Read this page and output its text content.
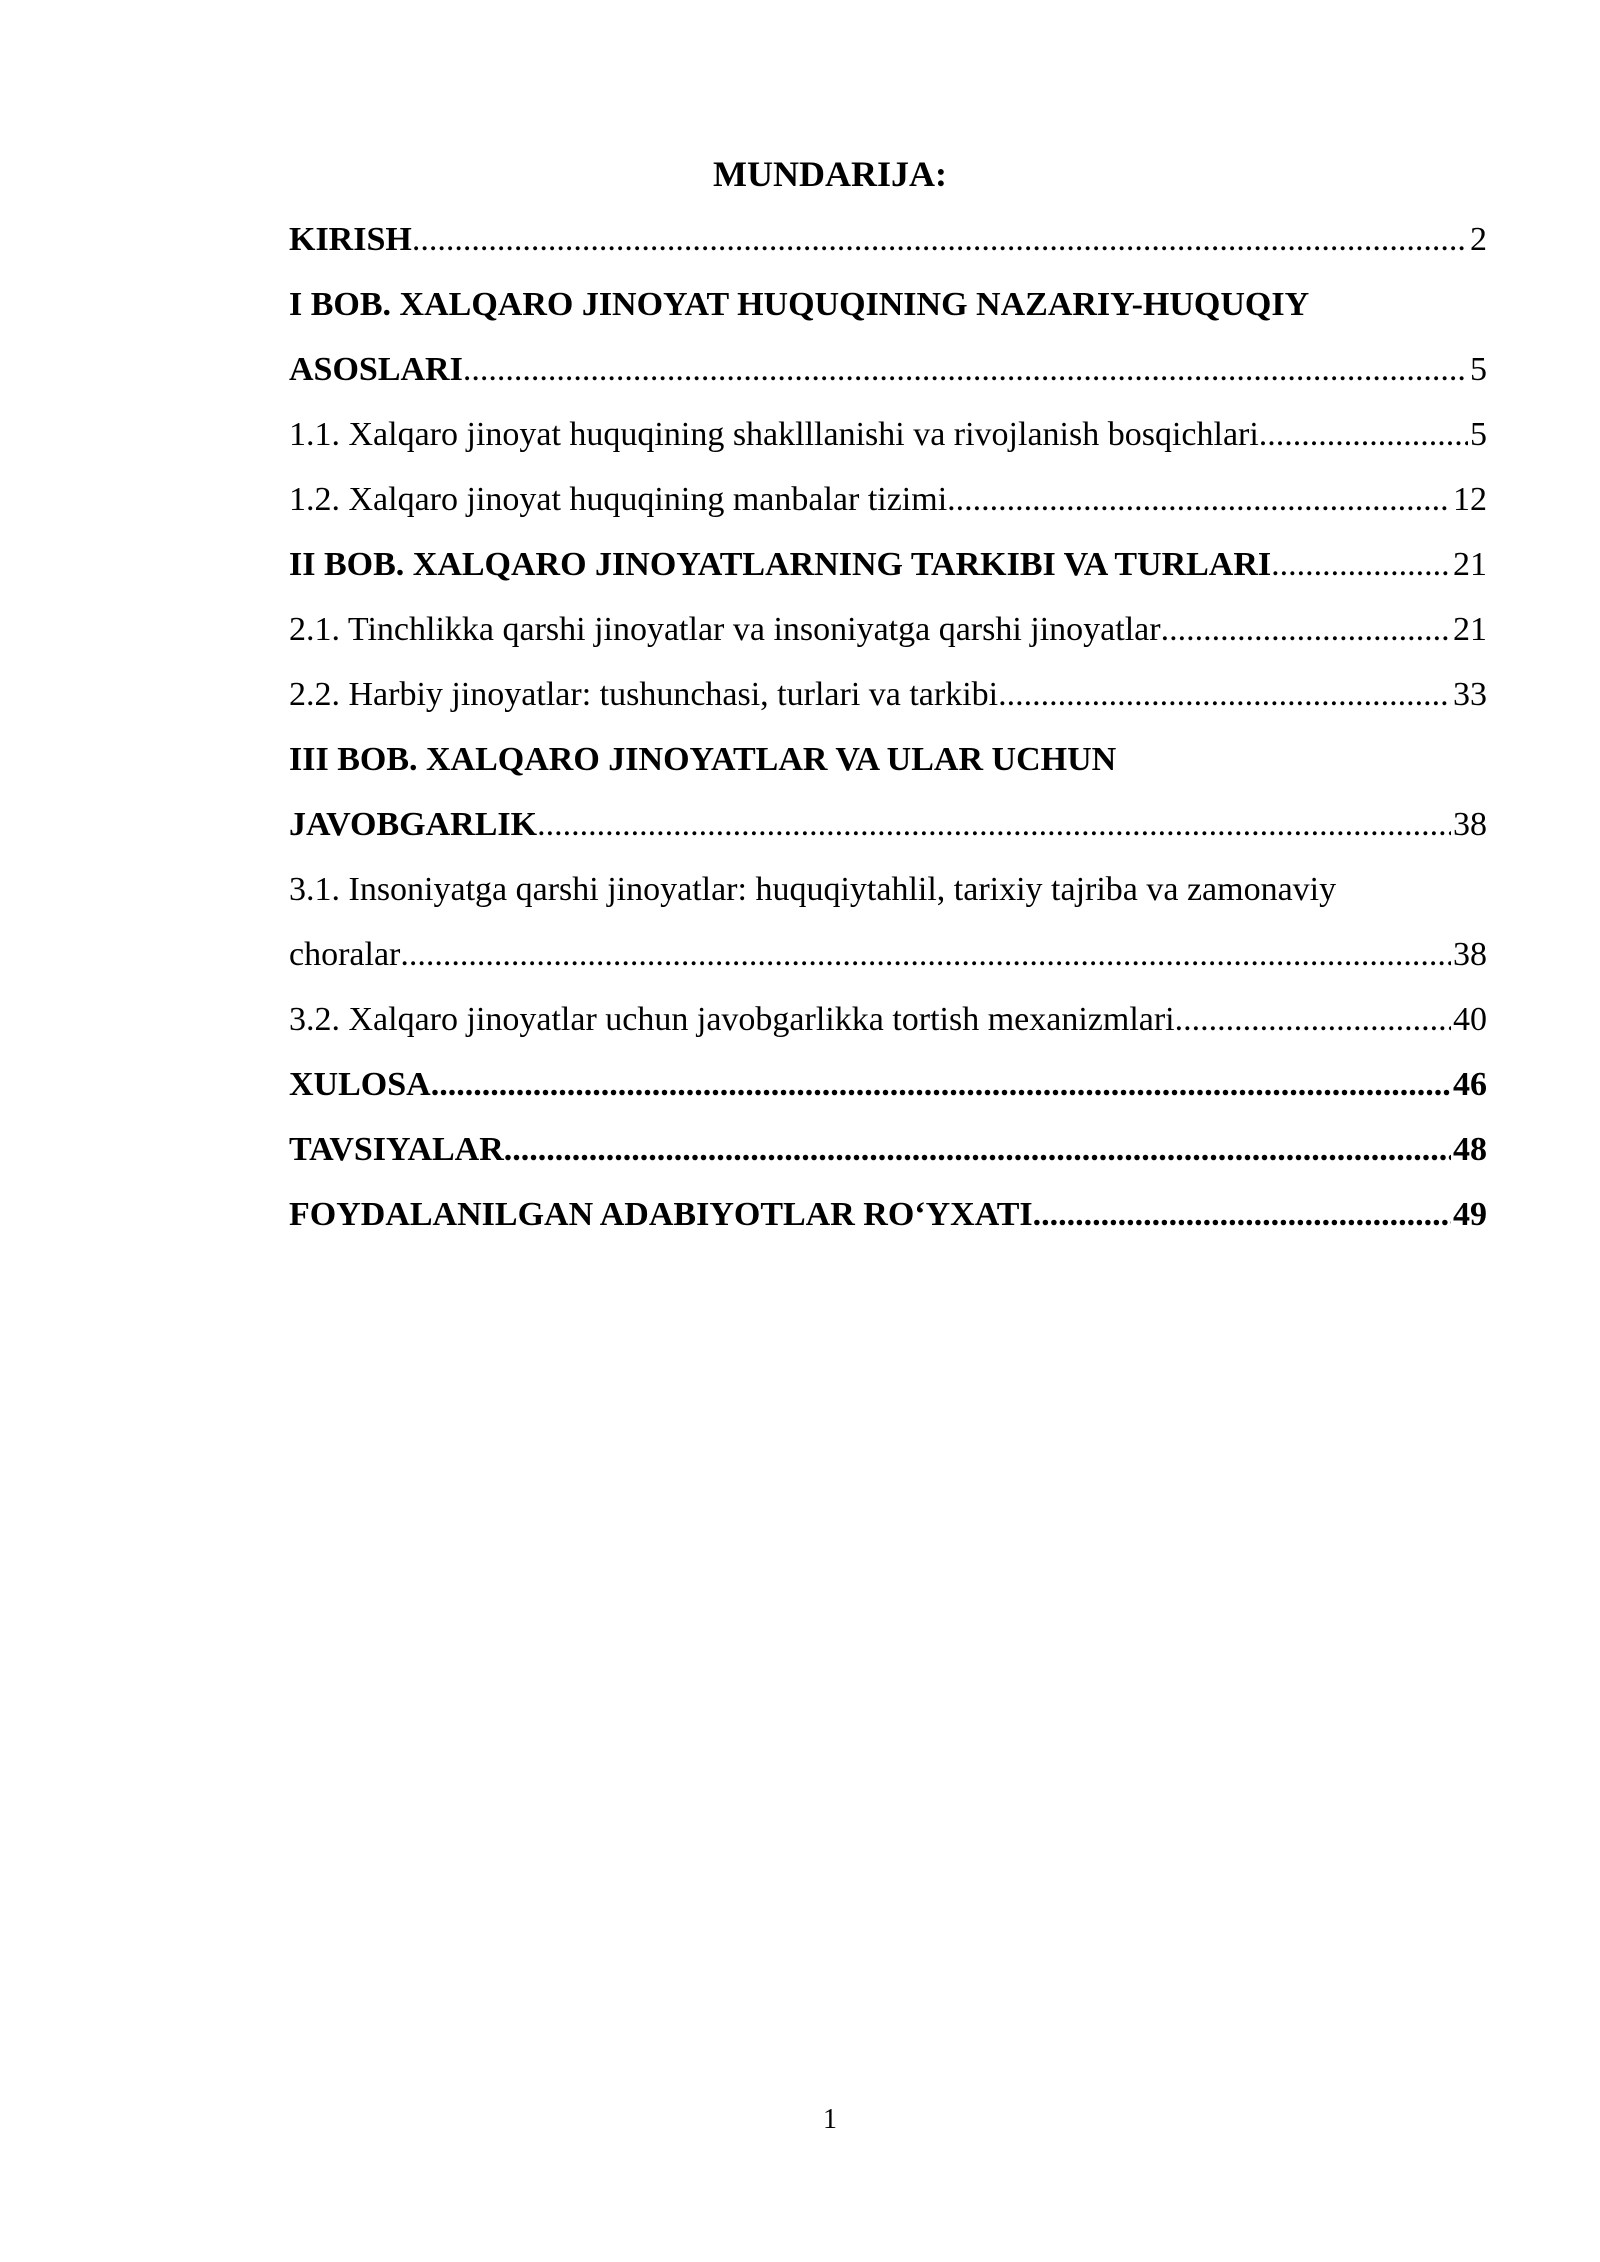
MUNDARIJA:
KIRISH .....	2
I BOB. XALQARO JINOYAT HUQUQINING NAZARIY-HUQUQIY
ASOSLARI .....	5
1.1. Xalqaro jinoyat huquqining shaklllanishi va rivojlanish bosqichlari .....	5
1.2. Xalqaro jinoyat huquqining manbalar tizimi .....	12
II BOB. XALQARO JINOYATLARNING TARKIBI VA TURLARI .....	21
2.1. Tinchlikka qarshi jinoyatlar va insoniyatga qarshi jinoyatlar .....	21
2.2. Harbiy jinoyatlar: tushunchasi, turlari va tarkibi .....	33
III BOB. XALQARO JINOYATLAR VA ULAR UCHUN
JAVOBGARLIK .....	38
3.1. Insoniyatga qarshi jinoyatlar: huquqiytahlil, tarixiy tajriba va zamonaviy
choralar .....	38
3.2. Xalqaro jinoyatlar uchun javobgarlikka tortish mexanizmlari .....	40
XULOSA .....	46
TAVSIYALAR .....	48
FOYDALANILGAN ADABIYOTLAR RO‘YXATI .....	49
1
